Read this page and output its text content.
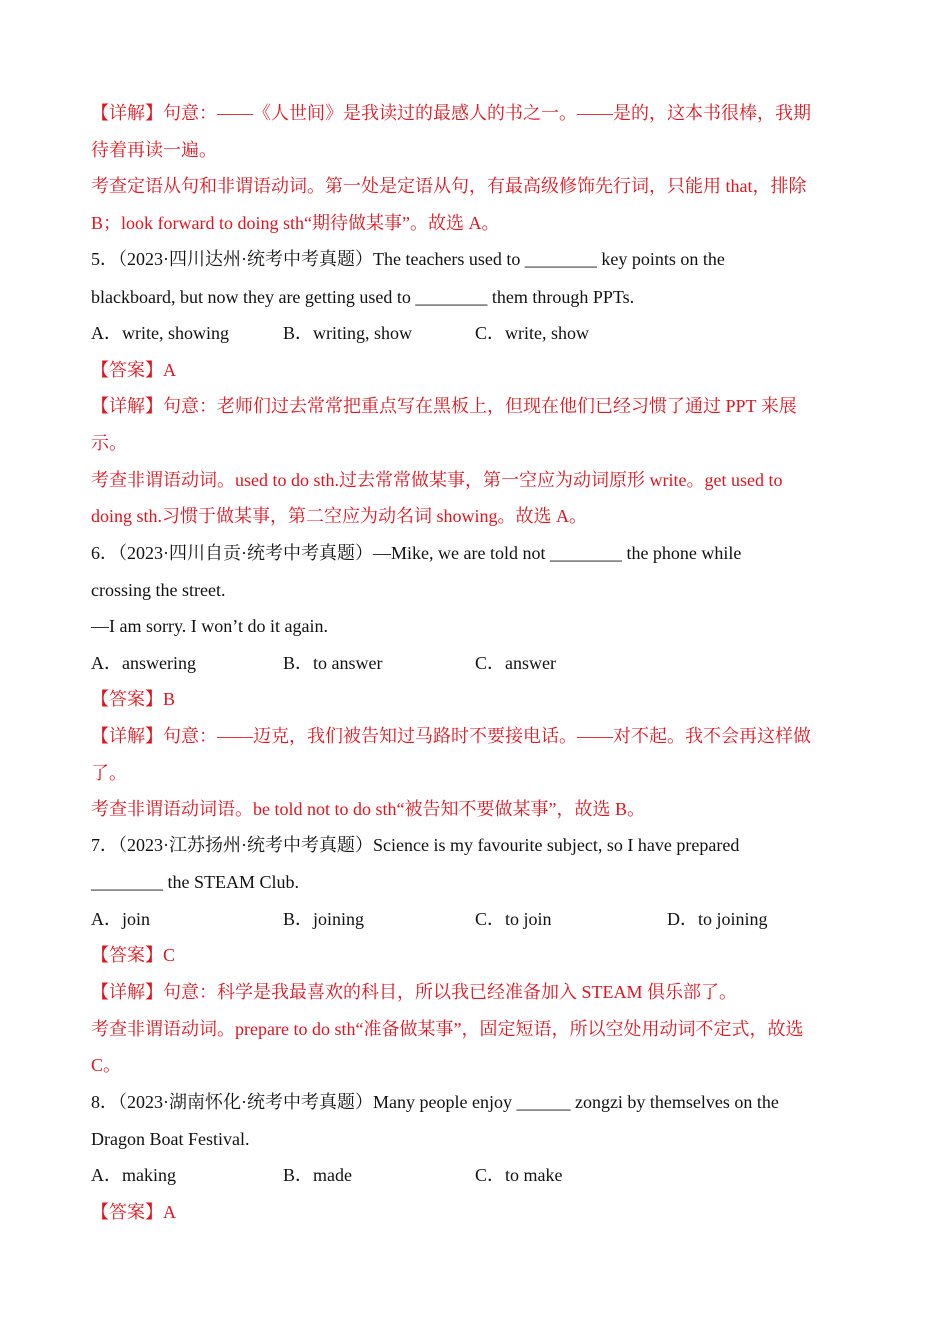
【详解】句意：——《人世间》是我读过的最感人的书之一。——是的，这本书很棒，我期
待着再读一遍。
考查定语从句和非谓语动词。第一处是定语从句，有最高级修饰先行词，只能用 that，排除
B；look forward to doing sth“期待做某事”。故选 A。
5．（2023·四川达州·统考中考真题）The teachers used to ________ key points on the
blackboard, but now they are getting used to ________ them through PPTs.
A．write, showing	B．writing, show	C．write, show
【答案】A
【详解】句意：老师们过去常常把重点写在黑板上，但现在他们已经习惯了通过 PPT 来展
示。
考查非谓语动词。used to do sth.过去常常做某事，第一空应为动词原形 write。get used to
doing sth.习惯于做某事，第二空应为动名词 showing。故选 A。
6．（2023·四川自贡·统考中考真题）—Mike, we are told not ________ the phone while
crossing the street.
—I am sorry. I won’t do it again.
A．answering	B．to answer	C．answer
【答案】B
【详解】句意：——迈克，我们被告知过马路时不要接电话。——对不起。我不会再这样做
了。
考查非谓语动词语。be told not to do sth“被告知不要做某事”，故选 B。
7．（2023·江苏扬州·统考中考真题）Science is my favourite subject, so I have prepared
________ the STEAM Club.
A．join	B．joining	C．to join	D．to joining
【答案】C
【详解】句意：科学是我最喜欢的科目，所以我已经准备加入 STEAM 俱乐部了。
考查非谓语动词。prepare to do sth“准备做某事”，固定短语，所以空处用动词不定式，故选
C。
8．（2023·湖南怀化·统考中考真题）Many people enjoy ______ zongzi by themselves on the
Dragon Boat Festival.
A．making	B．made	C．to make
【答案】A
